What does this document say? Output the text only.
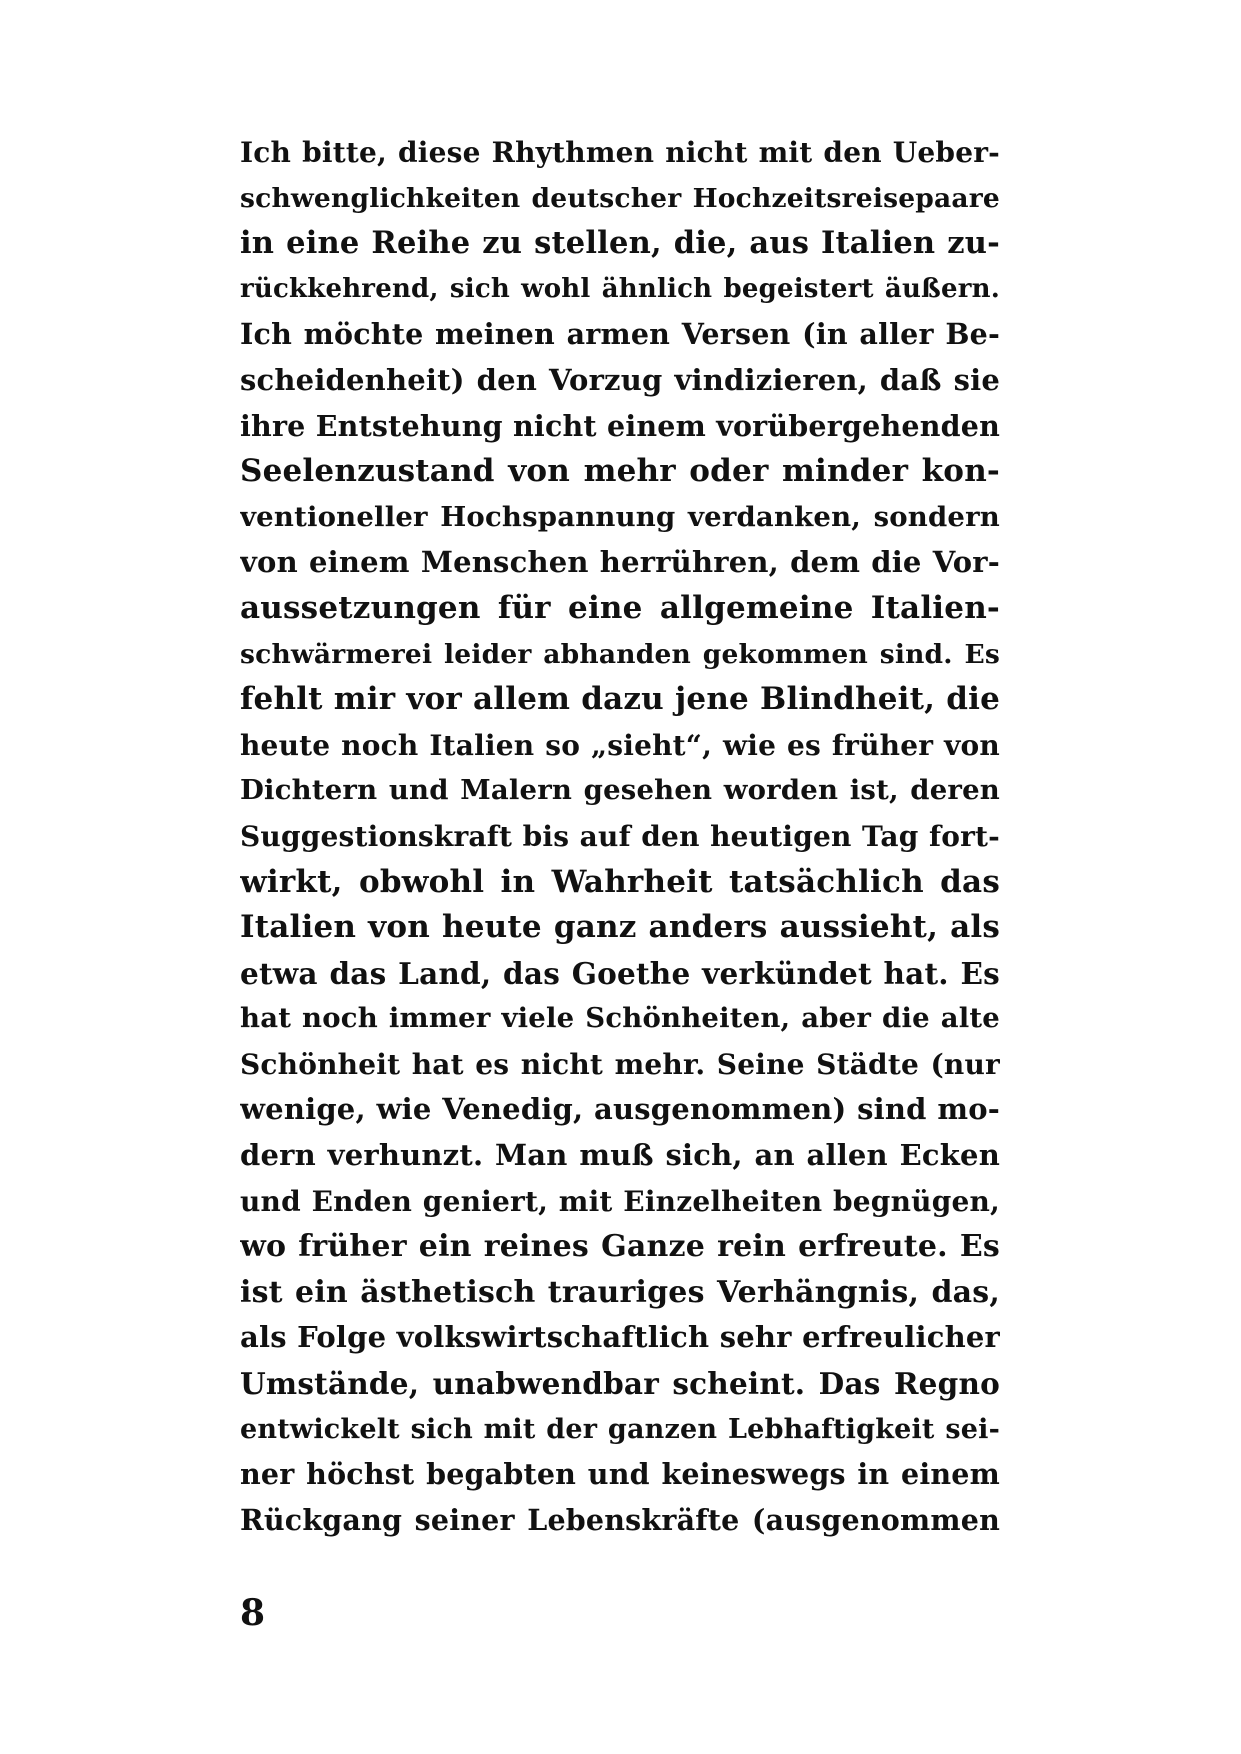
Ich bitte, diese Rhythmen nicht mit den Ueber-
schwenglichkeiten deutscher Hochzeitsreisepaare
in eine Reihe zu stellen, die, aus Italien zu-
rückkehrend, sich wohl ähnlich begeistert äußern.
Ich möchte meinen armen Versen (in aller Be-
scheidenheit) den Vorzug vindizieren, daß sie
ihre Entstehung nicht einem vorübergehenden
Seelenzustand von mehr oder minder kon-
ventioneller Hochspannung verdanken, sondern
von einem Menschen herrühren, dem die Vor-
aussetzungen für eine allgemeine Italien-
schwärmerei leider abhanden gekommen sind. Es
fehlt mir vor allem dazu jene Blindheit, die
heute noch Italien so „sieht“, wie es früher von
Dichtern und Malern gesehen worden ist, deren
Suggestionskraft bis auf den heutigen Tag fort-
wirkt, obwohl in Wahrheit tatsächlich das
Italien von heute ganz anders aussieht, als
etwa das Land, das Goethe verkündet hat. Es
hat noch immer viele Schönheiten, aber die alte
Schönheit hat es nicht mehr. Seine Städte (nur
wenige, wie Venedig, ausgenommen) sind mo-
dern verhunzt. Man muß sich, an allen Ecken
und Enden geniert, mit Einzelheiten begnügen,
wo früher ein reines Ganze rein erfreute. Es
ist ein ästhetisch trauriges Verhängnis, das,
als Folge volkswirtschaftlich sehr erfreulicher
Umstände, unabwendbar scheint. Das Regno
entwickelt sich mit der ganzen Lebhaftigkeit sei-
ner höchst begabten und keineswegs in einem
Rückgang seiner Lebenskräfte (ausgenommen
8
